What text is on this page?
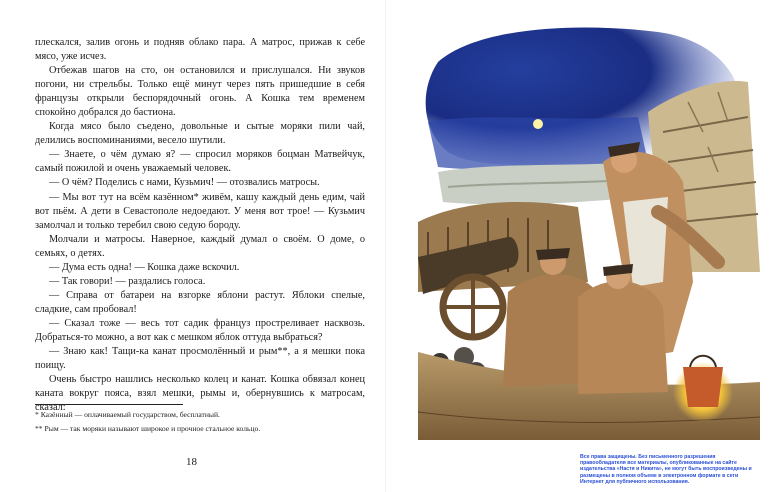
плескался, залив огонь и подняв облако пара. А матрос, прижав к себе мясо, уже исчез.

Отбежав шагов на сто, он остановился и прислушался. Ни звуков погони, ни стрельбы. Только ещё минут через пять пришедшие в себя французы открыли беспорядочный огонь. А Кошка тем временем спокойно добрался до бастиона.

Когда мясо было съедено, довольные и сытые моряки пили чай, делились воспоминаниями, весело шутили.

— Знаете, о чём думаю я? — спросил моряков боцман Матвейчук, самый пожилой и очень уважаемый человек.

— О чём? Поделись с нами, Кузьмич! — отозвались матросы.

— Мы вот тут на всём казённом* живём, кашу каждый день едим, чай вот пьём. А дети в Севастополе недоедают. У меня вот трое! — Кузьмич замолчал и только теребил свою седую бороду.

Молчали и матросы. Наверное, каждый думал о своём. О доме, о семьях, о детях.

— Дума есть одна! — Кошка даже вскочил.

— Так говори! — раздались голоса.

— Справа от батареи на взгорке яблони растут. Яблоки спелые, сладкие, сам пробовал!

— Сказал тоже — весь тот садик француз простреливает насквозь. Добраться-то можно, а вот как с мешком яблок оттуда выбраться?

— Знаю как! Тащи-ка канат просмолённый и рым**, а я мешки пока поищу.

Очень быстро нашлись несколько колец и канат. Кошка обвязал конец каната вокруг пояса, взял мешки, рымы и, обернувшись к матросам, сказал:

* Казённый — оплачиваемый государством, бесплатный.
** Рым — так моряки называют широкое и прочное стальное кольцо.
18	Все права защищены. Без письменного разрешения правообладателя все материалы, опубликованные на сайте издательства «Настя и Никита», не могут быть воспроизведены и размещены в полном объеме в электронном формате в сети Интернет для публичного использования.
